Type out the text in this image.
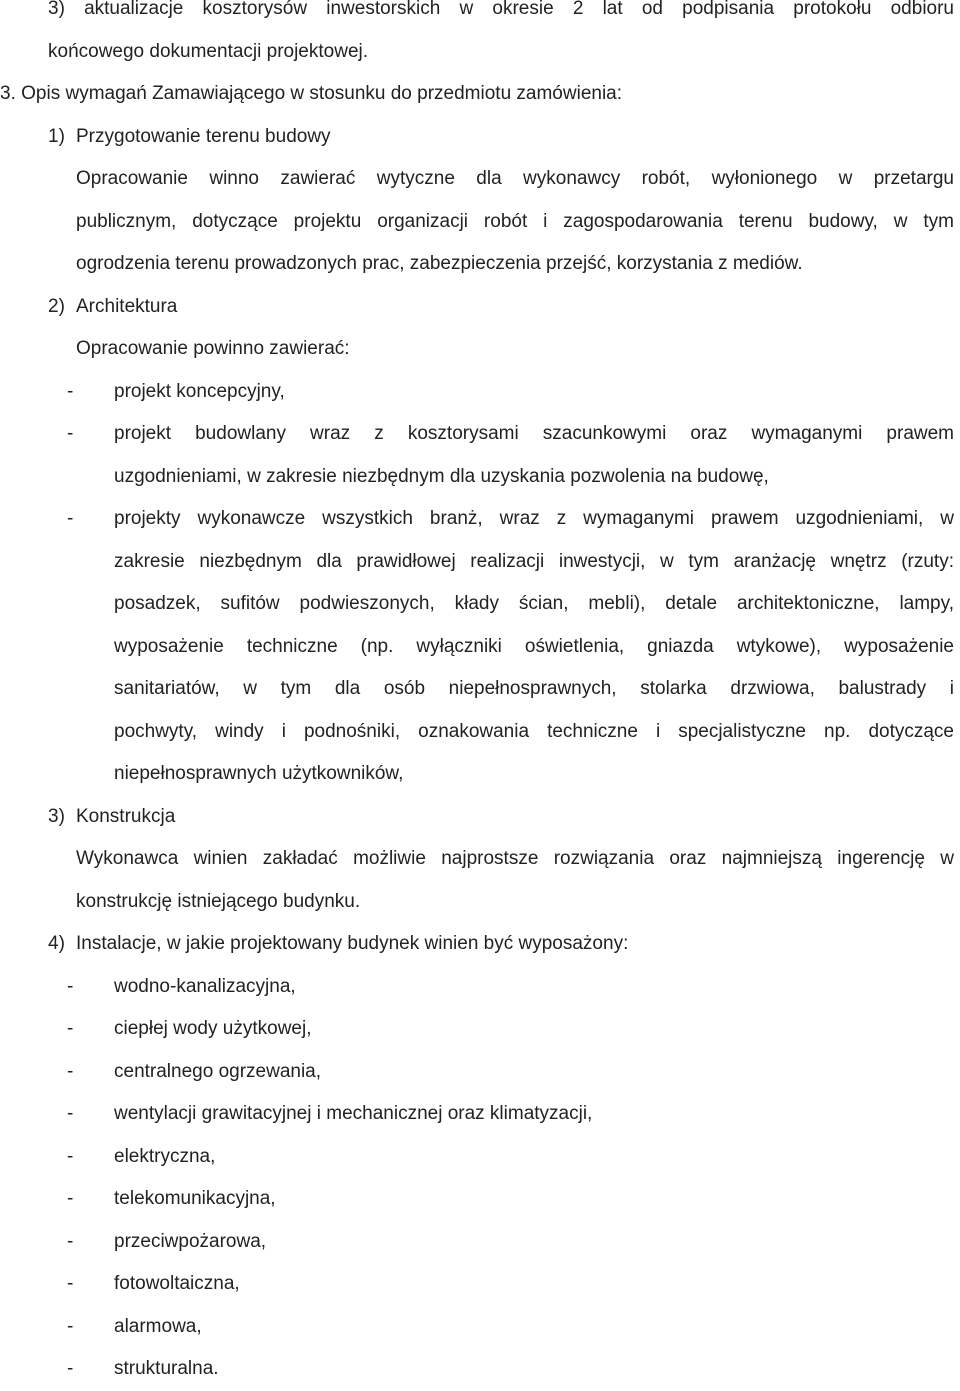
3) aktualizacje kosztorysów inwestorskich w okresie 2 lat od podpisania protokołu odbioru
końcowego dokumentacji projektowej.
3. Opis wymagań Zamawiającego w stosunku do przedmiotu zamówienia:
1) Przygotowanie terenu budowy
Opracowanie winno zawierać wytyczne dla wykonawcy robót, wyłonionego w przetargu
publicznym, dotyczące projektu organizacji robót i zagospodarowania terenu budowy, w tym
ogrodzenia terenu prowadzonych prac, zabezpieczenia przejść, korzystania z mediów.
2) Architektura
Opracowanie powinno zawierać:
- projekt koncepcyjny,
-	projekt budowlany wraz z kosztorysami szacunkowymi oraz wymaganymi prawem
uzgodnieniami, w zakresie niezbędnym dla uzyskania pozwolenia na budowę,
-	projekty wykonawcze wszystkich branż, wraz z wymaganymi prawem uzgodnieniami, w
zakresie niezbędnym dla prawidłowej realizacji inwestycji, w tym aranżację wnętrz (rzuty:
posadzek, sufitów podwieszonych, kłady ścian, mebli), detale architektoniczne, lampy,
wyposażenie techniczne (np. wyłączniki oświetlenia, gniazda wtykowe), wyposażenie
sanitariatów, w tym dla osób niepełnosprawnych, stolarka drzwiowa, balustrady i
pochwyty, windy i podnośniki, oznakowania techniczne i specjalistyczne np. dotyczące
niepełnosprawnych użytkowników,
3) Konstrukcja
Wykonawca winien zakładać możliwie najprostsze rozwiązania oraz najmniejszą ingerencję w
konstrukcję istniejącego budynku.
4) Instalacje, w jakie projektowany budynek winien być wyposażony:
- wodno-kanalizacyjna,
- ciepłej wody użytkowej,
- centralnego ogrzewania,
- wentylacji grawitacyjnej i mechanicznej oraz klimatyzacji,
- elektryczna,
- telekomunikacyjna,
- przeciwpożarowa,
- fotowoltaiczna,
- alarmowa,
- strukturalna.
